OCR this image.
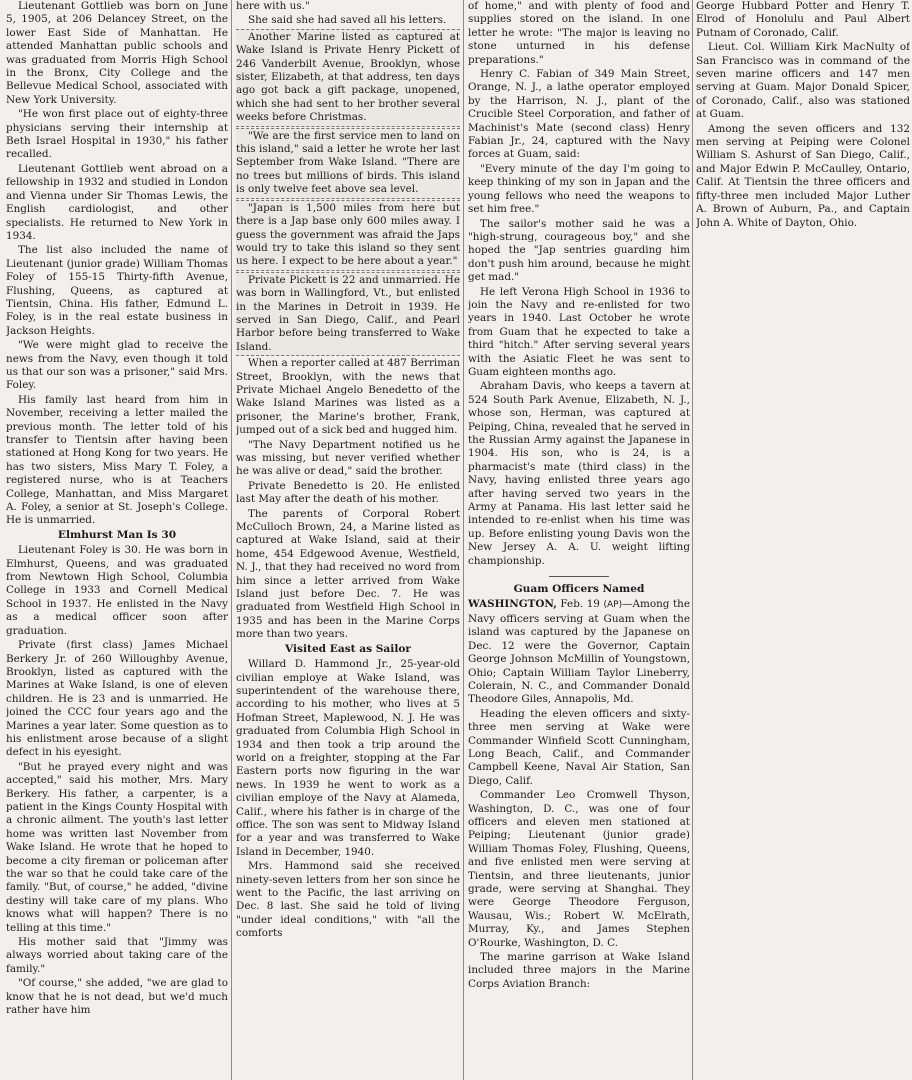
Lieutenant Gottlieb was born on June 5, 1905, at 206 Delancey Street, on the lower East Side of Manhattan. He attended Manhattan public schools and was graduated from Morris High School in the Bronx, City College and the Bellevue Medical School, associated with New York University.

"He won first place out of eighty-three physicians serving their internship at Beth Israel Hospital in 1930," his father recalled.

Lieutenant Gottlieb went abroad on a fellowship in 1932 and studied in London and Vienna under Sir Thomas Lewis, the English cardiologist, and other specialists. He returned to New York in 1934.

The list also included the name of Lieutenant (junior grade) William Thomas Foley of 155-15 Thirty-fifth Avenue, Flushing, Queens, as captured at Tientsin, China. His father, Edmund L. Foley, is in the real estate business in Jackson Heights.

"We were might glad to receive the news from the Navy, even though it told us that our son was a prisoner," said Mrs. Foley.

His family last heard from him in November, receiving a letter mailed the previous month. The letter told of his transfer to Tientsin after having been stationed at Hong Kong for two years. He has two sisters, Miss Mary T. Foley, a registered nurse, who is at Teachers College, Manhattan, and Miss Margaret A. Foley, a senior at St. Joseph's College. He is unmarried.

Elmhurst Man Is 30

Lieutenant Foley is 30. He was born in Elmhurst, Queens, and was graduated from Newtown High School, Columbia College in 1933 and Cornell Medical School in 1937. He enlisted in the Navy as a medical officer soon after graduation.

Private (first class) James Michael Berkery Jr. of 260 Willoughby Avenue, Brooklyn, listed as captured with the Marines at Wake Island, is one of eleven children. He is 23 and is unmarried. He joined the CCC four years ago and the Marines a year later. Some question as to his enlistment arose because of a slight defect in his eyesight.

"But he prayed every night and was accepted," said his mother, Mrs. Mary Berkery. His father, a carpenter, is a patient in the Kings County Hospital with a chronic ailment. The youth's last letter home was written last November from Wake Island. He wrote that he hoped to become a city fireman or policeman after the war so that he could take care of the family. "But, of course," he added, "divine destiny will take care of my plans. Who knows what will happen? There is no telling at this time."

His mother said that "Jimmy was always worried about taking care of the family."

"Of course," she added, "we are glad to know that he is not dead, but we'd much rather have him

here with us."

She said she had saved all his letters.

Another Marine listed as captured at Wake Island is Private Henry Pickett of 246 Vanderbilt Avenue, Brooklyn, whose sister, Elizabeth, at that address, ten days ago got back a gift package, unopened, which she had sent to her brother several weeks before Christmas.

"We are the first service men to land on this island," said a letter he wrote her last September from Wake Island. "There are no trees but millions of birds. This island is only twelve feet above sea level.

"Japan is 1,500 miles from here but there is a Jap base only 600 miles away. I guess the government was afraid the Japs would try to take this island so they sent us here. I expect to be here about a year."

Private Pickett is 22 and unmarried. He was born in Wallingford, Vt., but enlisted in the Marines in Detroit in 1939. He served in San Diego, Calif., and Pearl Harbor before being transferred to Wake Island.

When a reporter called at 487 Berriman Street, Brooklyn, with the news that Private Michael Angelo Benedetto of the Wake Island Marines was listed as a prisoner, the Marine's brother, Frank, jumped out of a sick bed and hugged him.

"The Navy Department notified us he was missing, but never verified whether he was alive or dead," said the brother.

Private Benedetto is 20. He enlisted last May after the death of his mother.

The parents of Corporal Robert McCulloch Brown, 24, a Marine listed as captured at Wake Island, said at their home, 454 Edgewood Avenue, Westfield, N. J., that they had received no word from him since a letter arrived from Wake Island just before Dec. 7. He was graduated from Westfield High School in 1935 and has been in the Marine Corps more than two years.

Visited East as Sailor

Willard D. Hammond Jr., 25-year-old civilian employe at Wake Island, was superintendent of the warehouse there, according to his mother, who lives at 5 Hofman Street, Maplewood, N. J. He was graduated from Columbia High School in 1934 and then took a trip around the world on a freighter, stopping at the Far Eastern ports now figuring in the war news. In 1939 he went to work as a civilian employe of the Navy at Alameda, Calif., where his father is in charge of the office. The son was sent to Midway Island for a year and was transferred to Wake Island in December, 1940.

Mrs. Hammond said she received ninety-seven letters from her son since he went to the Pacific, the last arriving on Dec. 8 last. She said he told of living "under ideal conditions," with "all the comforts

of home," and with plenty of food and supplies stored on the island. In one letter he wrote: "The major is leaving no stone unturned in his defense preparations."

Henry C. Fabian of 349 Main Street, Orange, N. J., a lathe operator employed by the Harrison, N. J., plant of the Crucible Steel Corporation, and father of Machinist's Mate (second class) Henry Fabian Jr., 24, captured with the Navy forces at Guam, said:

"Every minute of the day I'm going to keep thinking of my son in Japan and the young fellows who need the weapons to set him free."

The sailor's mother said he was a "high-strung, courageous boy," and she hoped the "Jap sentries guarding him don't push him around, because he might get mad."

He left Verona High School in 1936 to join the Navy and re-enlisted for two years in 1940. Last October he wrote from Guam that he expected to take a third "hitch." After serving several years with the Asiatic Fleet he was sent to Guam eighteen months ago.

Abraham Davis, who keeps a tavern at 524 South Park Avenue, Elizabeth, N. J., whose son, Herman, was captured at Peiping, China, revealed that he served in the Russian Army against the Japanese in 1904. His son, who is 24, is a pharmacist's mate (third class) in the Navy, having enlisted three years ago after having served two years in the Army at Panama. His last letter said he intended to re-enlist when his time was up. Before enlisting young Davis won the New Jersey A. A. U. weight lifting championship.

Guam Officers Named

WASHINGTON, Feb. 19 (AP)—Among the Navy officers serving at Guam when the island was captured by the Japanese on Dec. 12 were the Governor, Captain George Johnson McMillin of Youngstown, Ohio; Captain William Taylor Lineberry, Colerain, N. C., and Commander Donald Theodore Giles, Annapolis, Md.

Heading the eleven officers and sixty-three men serving at Wake were Commander Winfield Scott Cunningham, Long Beach, Calif., and Commander Campbell Keene, Naval Air Station, San Diego, Calif.

Commander Leo Cromwell Thyson, Washington, D. C., was one of four officers and eleven men stationed at Peiping; Lieutenant (junior grade) William Thomas Foley, Flushing, Queens, and five enlisted men were serving at Tientsin, and three lieutenants, junior grade, were serving at Shanghai. They were George Theodore Ferguson, Wausau, Wis.; Robert W. McElrath, Murray, Ky., and James Stephen O'Rourke, Washington, D. C.

The marine garrison at Wake Island included three majors in the Marine Corps Aviation Branch:

George Hubbard Potter and Henry T. Elrod of Honolulu and Paul Albert Putnam of Coronado, Calif.

Lieut. Col. William Kirk MacNulty of San Francisco was in command of the seven marine officers and 147 men serving at Guam. Major Donald Spicer, of Coronado, Calif., also was stationed at Guam.

Among the seven officers and 132 men serving at Peiping were Colonel William S. Ashurst of San Diego, Calif., and Major Edwin P. McCaulley, Ontario, Calif. At Tientsin the three officers and fifty-three men included Major Luther A. Brown of Auburn, Pa., and Captain John A. White of Dayton, Ohio.
